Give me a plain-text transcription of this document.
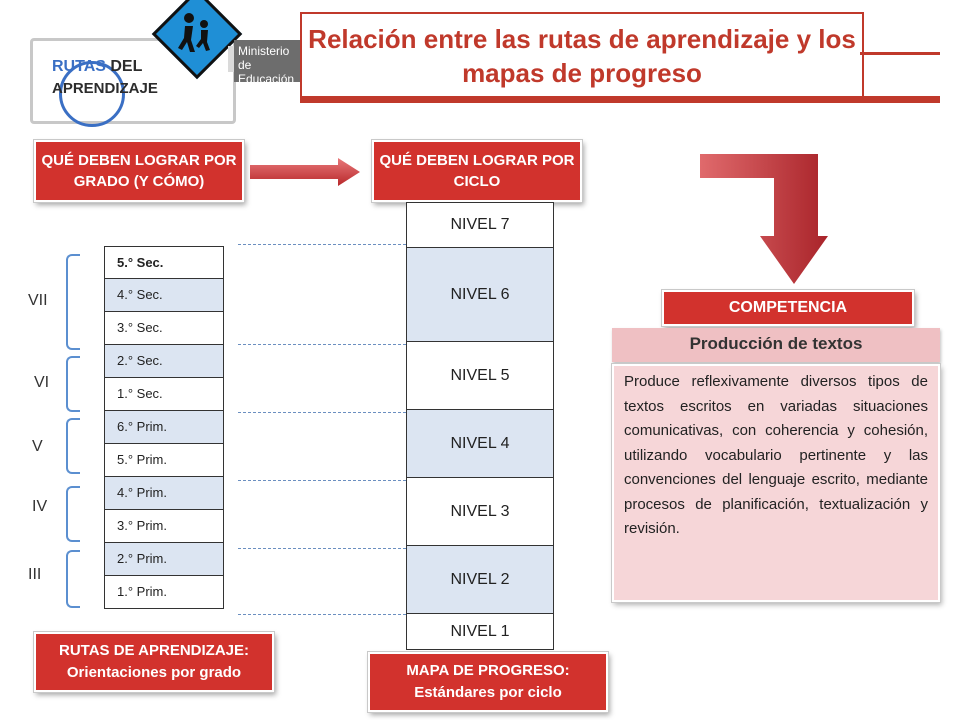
RUTAS DEL
APRENDIZAJE
Ministerio
de Educación
Relación entre las rutas de aprendizaje y los mapas de progreso
QUÉ DEBEN LOGRAR POR GRADO (Y CÓMO)
QUÉ DEBEN LOGRAR POR CICLO
5.° Sec.
4.° Sec.
3.° Sec.
2.° Sec.
1.° Sec.
6.° Prim.
5.° Prim.
4.° Prim.
3.° Prim.
2.° Prim.
1.° Prim.
VII
VI
V
IV
III
NIVEL 7
NIVEL 6
NIVEL 5
NIVEL 4
NIVEL 3
NIVEL 2
NIVEL 1
RUTAS DE APRENDIZAJE:
Orientaciones por grado	MAPA DE PROGRESO:
Estándares por ciclo
COMPETENCIA
Producción de textos
Produce reflexivamente diversos tipos de textos escritos en variadas situaciones comunicativas, con coherencia y cohesión, utilizando vocabulario pertinente y las convenciones del lenguaje escrito, mediante procesos de planificación, textualización y revisión.
